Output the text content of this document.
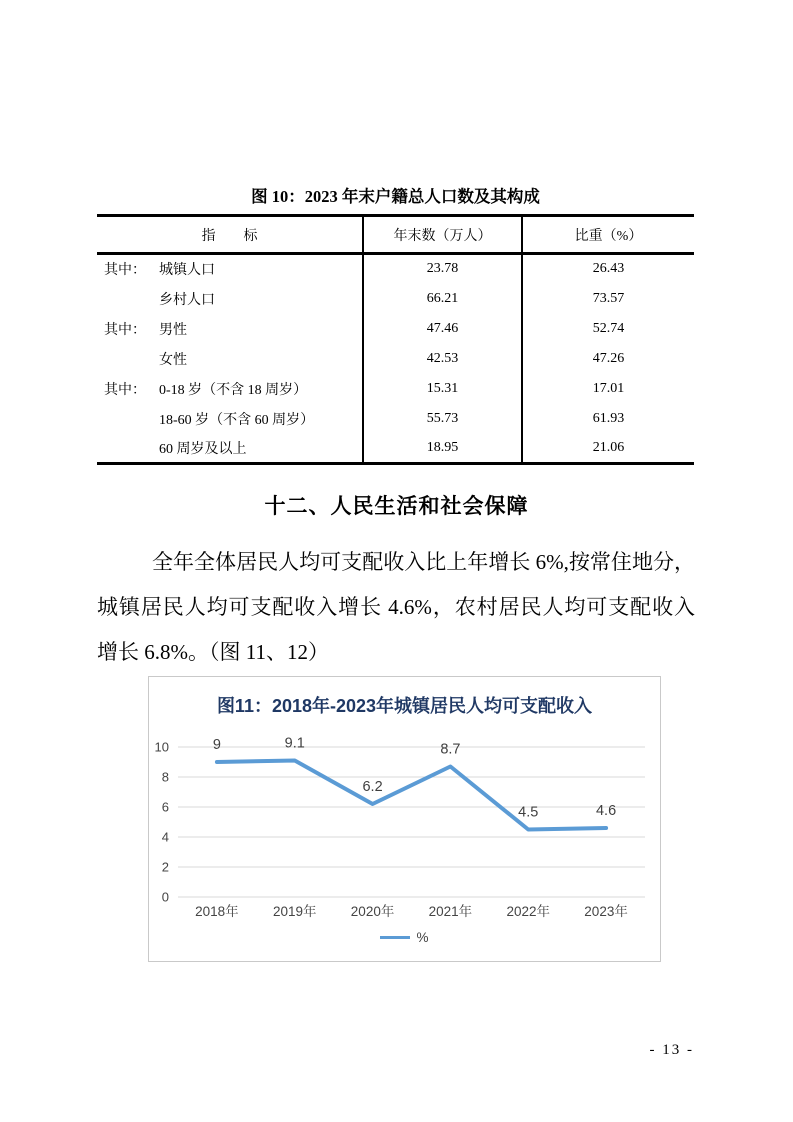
图 10：2023 年末户籍总人口数及其构成
指　　标	年末数（万人）	比重（%）
其中： 城镇人口	23.78	26.43
乡村人口	66.21	73.57
其中： 男性	47.46	52.74
女性	42.53	47.26
其中： 0-18 岁（不含 18 周岁）	15.31	17.01
18-60 岁（不含 60 周岁）	55.73	61.93
60 周岁及以上	18.95	21.06
十二、人民生活和社会保障
全年全体居民人均可支配收入比上年增长 6%,按常住地分，
城镇居民人均可支配收入增长 4.6%，农村居民人均可支配收入
增长 6.8%。（图 11、12）
图11：2018年-2023年城镇居民人均可支配收入
0
2
4
6
8
10
2018年	2019年	2020年	2021年	2022年	2023年
9	9.1
6.2
8.7
4.5	4.6
%
- 13 -
